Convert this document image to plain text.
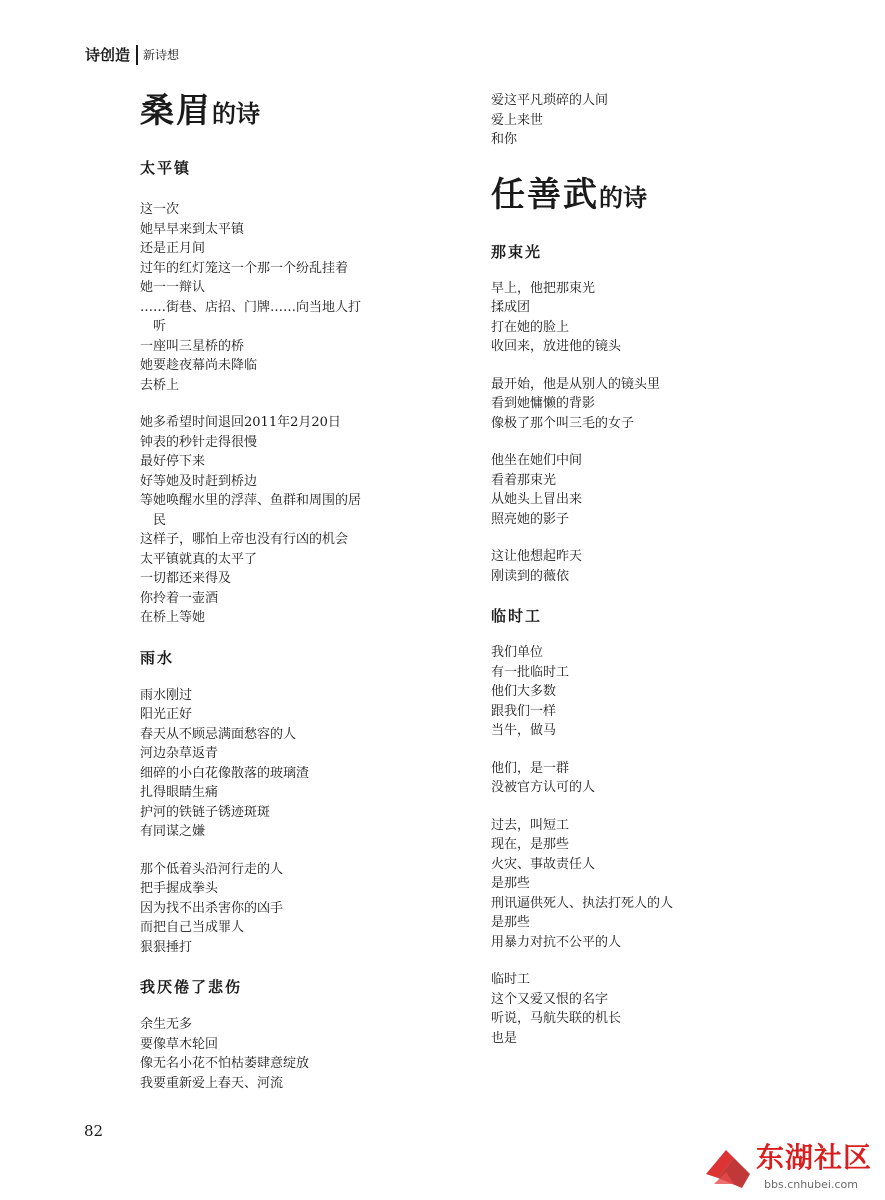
诗创造 新诗想
桑眉的诗
太平镇
这一次
她早早来到太平镇
还是正月间
过年的红灯笼这一个那一个纷乱挂着
她一一辩认
……街巷、店招、门牌……向当地人打
听
一座叫三星桥的桥
她要趁夜幕尚未降临
去桥上
她多希望时间退回2011年2月20日
钟表的秒针走得很慢
最好停下来
好等她及时赶到桥边
等她唤醒水里的浮萍、鱼群和周围的居
民
这样子，哪怕上帝也没有行凶的机会
太平镇就真的太平了
一切都还来得及
你拎着一壶酒
在桥上等她
雨水
雨水刚过
阳光正好
春天从不顾忌满面愁容的人
河边杂草返青
细碎的小白花像散落的玻璃渣
扎得眼睛生痛
护河的铁链子锈迹斑斑
有同谋之嫌
那个低着头沿河行走的人
把手握成拳头
因为找不出杀害你的凶手
而把自己当成罪人
狠狠捶打
我厌倦了悲伤
余生无多
要像草木轮回
像无名小花不怕枯萎肆意绽放
我要重新爱上春天、河流
爱这平凡琐碎的人间
爱上来世
和你
任善武的诗
那束光
早上，他把那束光
揉成团
打在她的脸上
收回来，放进他的镜头
最开始，他是从别人的镜头里
看到她慵懒的背影
像极了那个叫三毛的女子
他坐在她们中间
看着那束光
从她头上冒出来
照亮她的影子
这让他想起昨天
刚读到的薇依
临时工
我们单位
有一批临时工
他们大多数
跟我们一样
当牛，做马
他们，是一群
没被官方认可的人
过去，叫短工
现在，是那些
火灾、事故责任人
是那些
刑讯逼供死人、执法打死人的人
是那些
用暴力对抗不公平的人
临时工
这个又爱又恨的名字
听说，马航失联的机长
也是
82
东湖社区
bbs.cnhubei.com
